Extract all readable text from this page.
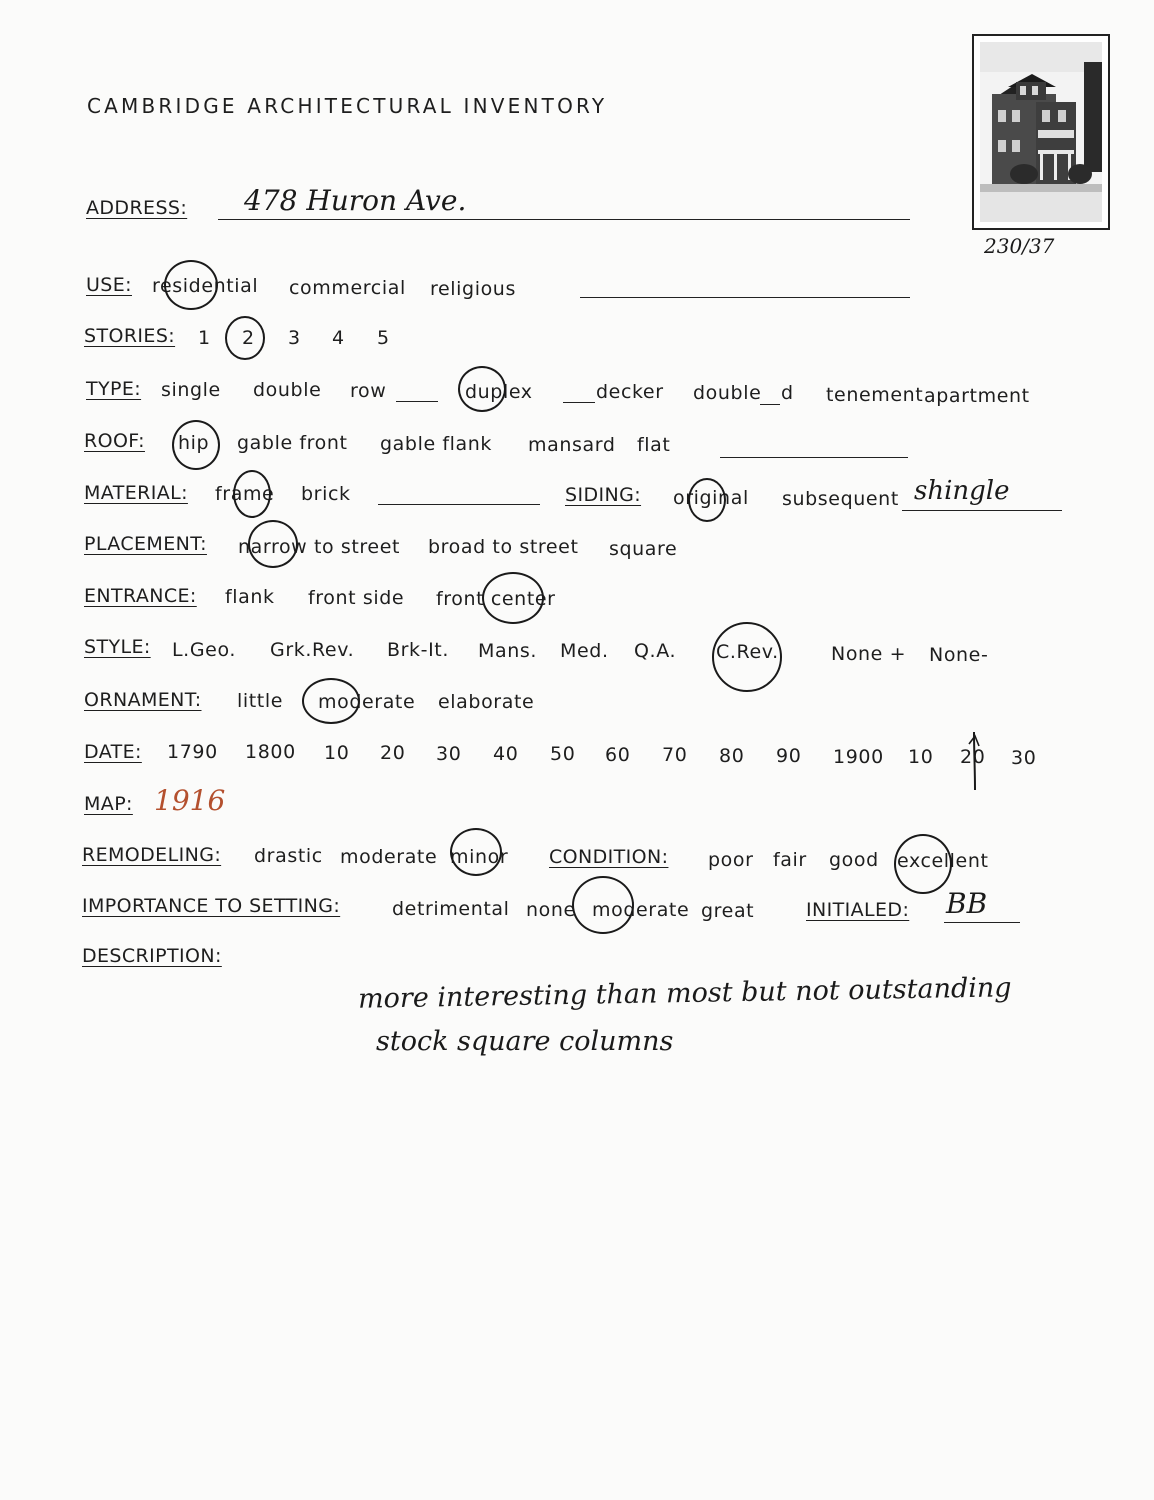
CAMBRIDGE ARCHITECTURAL INVENTORY
230/37
ADDRESS: 478 Huron Ave.
USE: residential commercial religious
STORIES: 1 2 3 4 5
TYPE: single double row	duplex	decker double d tenement apartment
ROOF: hip gable front gable flank mansard flat
MATERIAL: frame brick	SIDING: original subsequent shingle
PLACEMENT: narrow to street broad to street square
ENTRANCE: flank front side front center
STYLE: L.Geo. Grk.Rev. Brk-It. Mans. Med. Q.A. C.Rev.	None + None-
ORNAMENT: little moderate elaborate
DATE: 1790 1800 10 20 30 40 50 60 70 80 90 1900 10 20 30
MAP: 1916
REMODELING: drastic moderate minor CONDITION: poor fair good excellent
IMPORTANCE TO SETTING:	detrimental none moderate great	INITIALED: BB
DESCRIPTION:
more interesting than most but not outstanding
stock square columns
